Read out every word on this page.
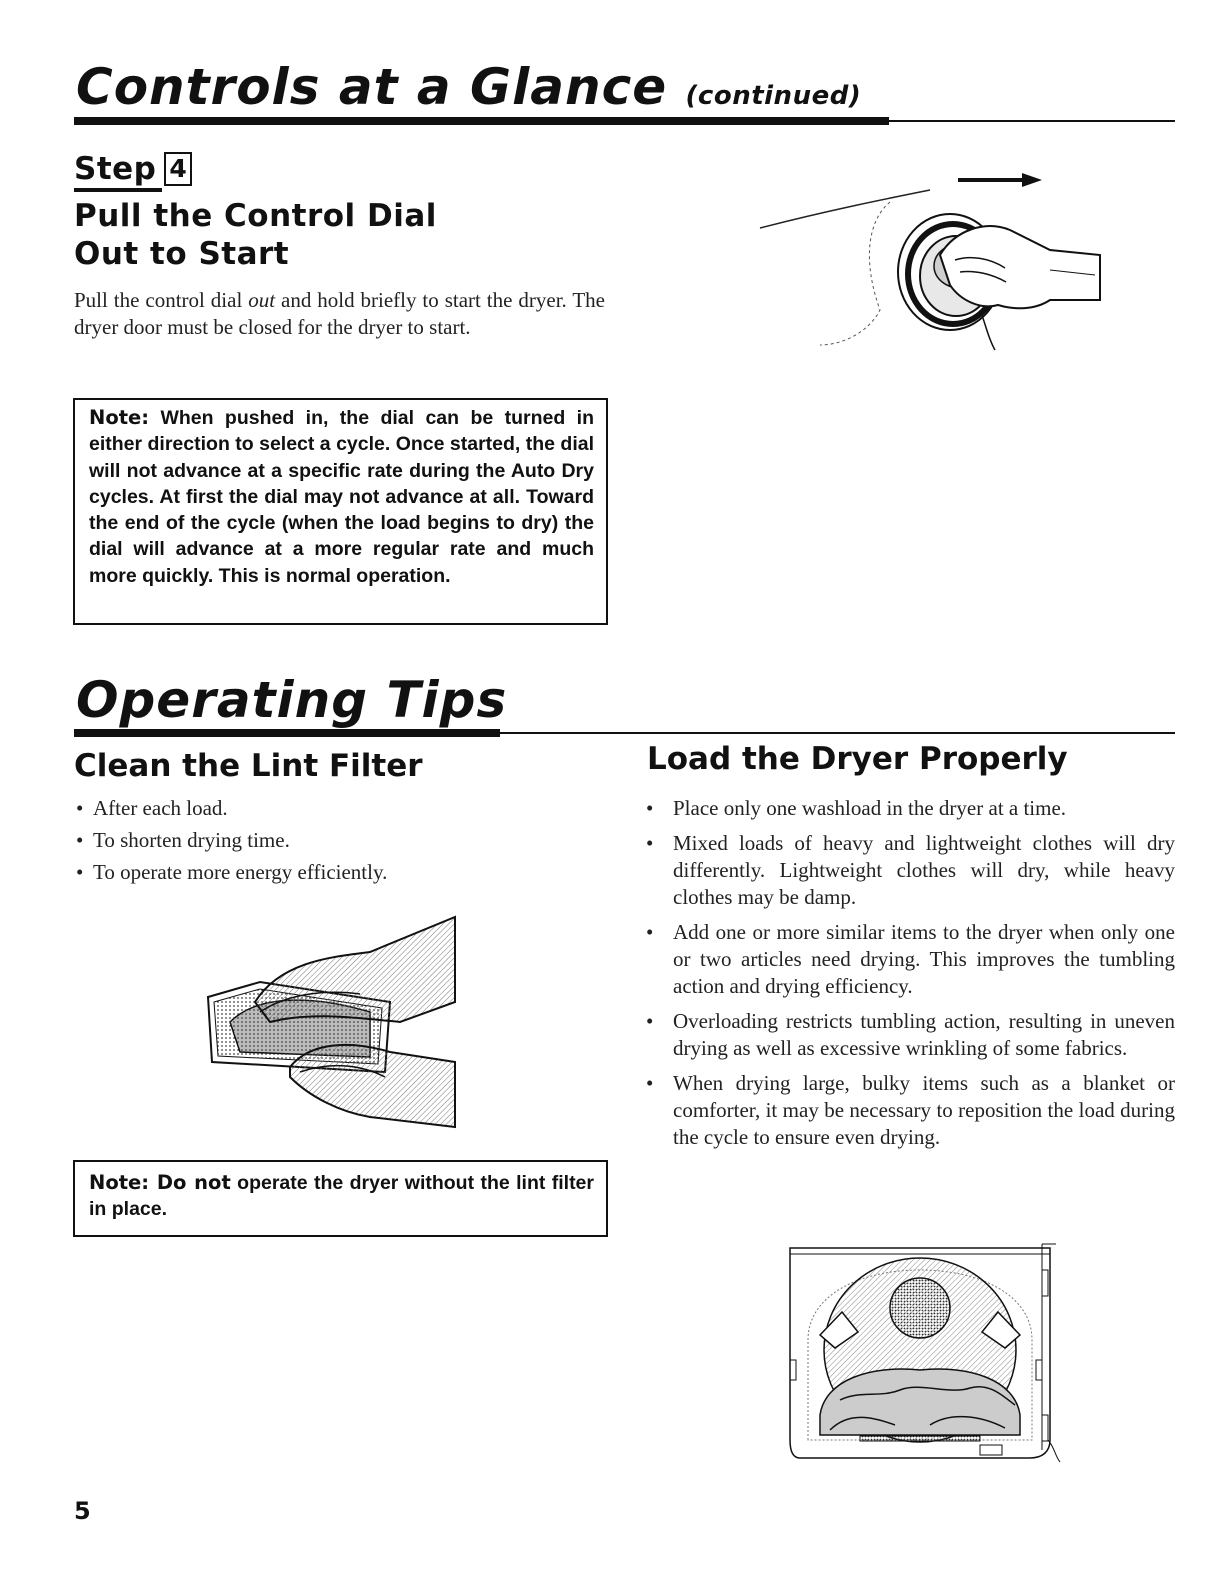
Controls at a Glance (continued)
Step 4
Pull the Control Dial
Out to Start
Pull the control dial out and hold briefly to start the dryer. The dryer door must be closed for the dryer to start.
Note: When pushed in, the dial can be turned in either direction to select a cycle. Once started, the dial will not advance at a specific rate during the Auto Dry cycles. At first the dial may not advance at all. Toward the end of the cycle (when the load begins to dry) the dial will advance at a more regular rate and much more quickly. This is normal operation.
Operating Tips
Clean the Lint Filter
• After each load.
• To shorten drying time.
• To operate more energy efficiently.
Note: Do not operate the dryer without the lint filter in place.
Load the Dryer Properly
• Place only one washload in the dryer at a time.
• Mixed loads of heavy and lightweight clothes will dry differently. Lightweight clothes will dry, while heavy clothes may be damp.
• Add one or more similar items to the dryer when only one or two articles need drying. This improves the tumbling action and drying efficiency.
• Overloading restricts tumbling action, resulting in uneven drying as well as excessive wrinkling of some fabrics.
• When drying large, bulky items such as a blanket or comforter, it may be necessary to reposition the load during the cycle to ensure even drying.
5
